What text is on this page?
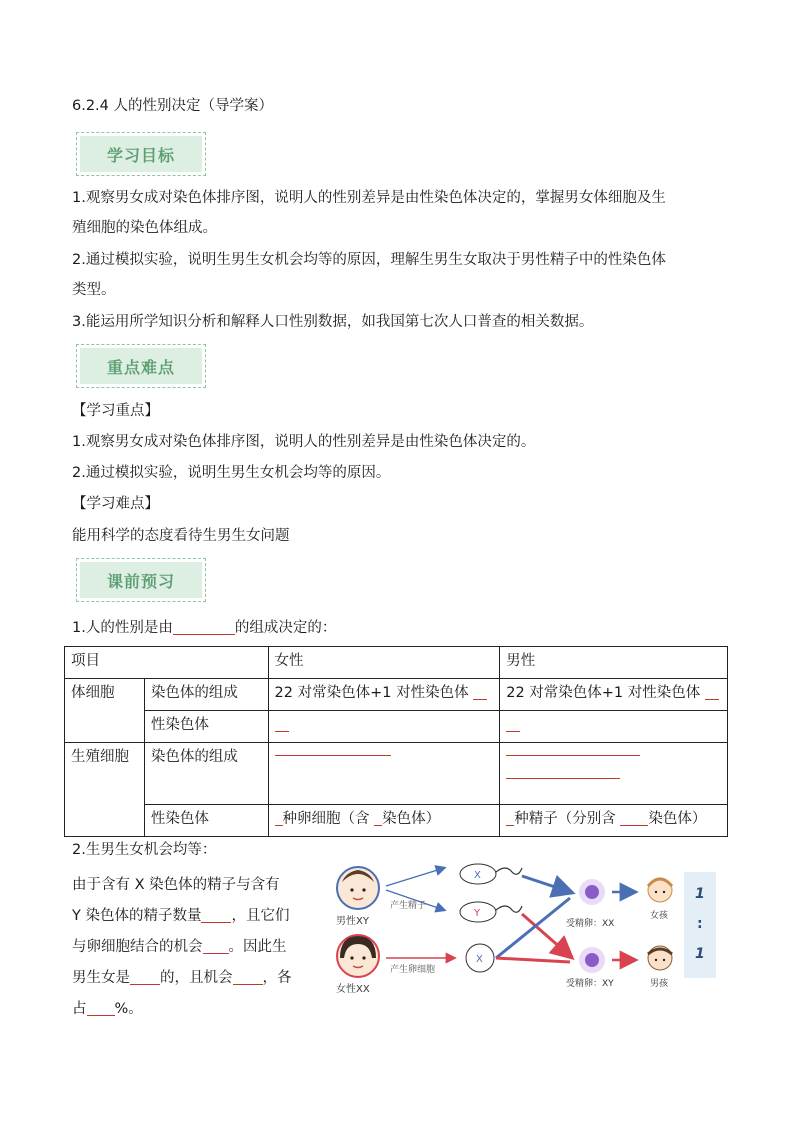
6.2.4 人的性别决定（导学案）
学习目标
1.观察男女成对染色体排序图，说明人的性别差异是由性染色体决定的，掌握男女体细胞及生
殖细胞的染色体组成。
2.通过模拟实验，说明生男生女机会均等的原因，理解生男生女取决于男性精子中的性染色体
类型。
3.能运用所学知识分析和解释人口性别数据，如我国第七次人口普查的相关数据。
重点难点
【学习重点】
1.观察男女成对染色体排序图，说明人的性别差异是由性染色体决定的。
2.通过模拟实验，说明生男生女机会均等的原因。
【学习难点】
能用科学的态度看待生男生女问题
课前预习
1.人的性别是由	的组成决定的：
项目		女性	男性
体细胞	染色体的组成	22 对常染色体+1 对性染色体	22 对常染色体+1 对性染色体
	性染色体		
生殖细胞	染色体的组成	

	性染色体	种卵细胞（含 染色体）	种精子（分别含 染色体）
2.生男生女机会均等：
由于含有 X 染色体的精子与含有
Y 染色体的精子数量 ，且它们
与卵细胞结合的机会 。因此生
男生女是 的，且机会 ，各
占 %。
男性XY
女性XX
产生精子
X
Y
产生卵细胞
X
受精卵：XX
受精卵：XY
女孩
男孩
1
:
1
